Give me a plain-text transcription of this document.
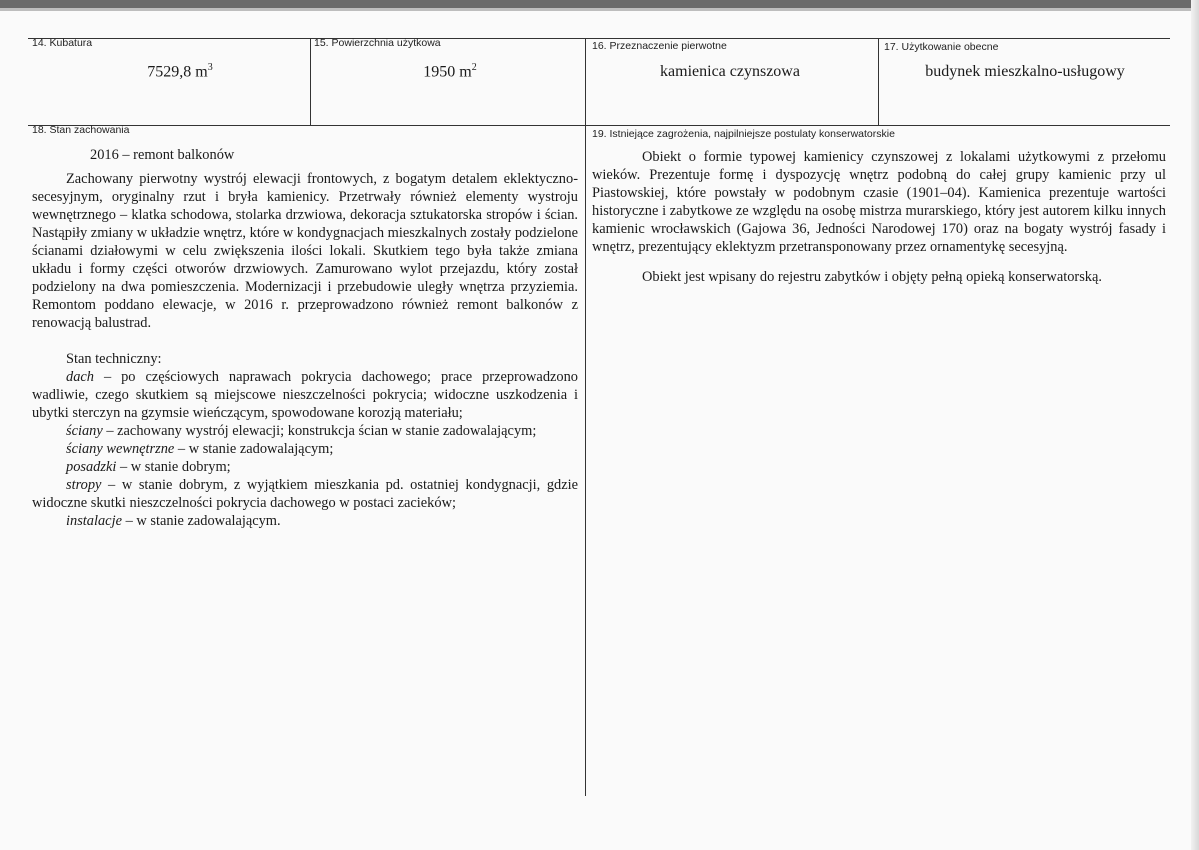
14. Kubatura
7529,8 $m^3$
15. Powierzchnia użytkowa
1950 $m^2$
16. Przeznaczenie pierwotne
kamienica czynszowa
17. Użytkowanie obecne
budynek mieszkalno-usługowy
18. Stan zachowania

2016 – remont balkonów

Zachowany pierwotny wystrój elewacji frontowych, z bogatym detalem eklektyczno-secesyjnym, oryginalny rzut i bryła kamienicy. Przetrwały również elementy wystroju wewnętrznego – klatka schodowa, stolarka drzwiowa, dekoracja sztukatorska stropów i ścian. Nastąpiły zmiany w układzie wnętrz, które w kondygnacjach mieszkalnych zostały podzielone ścianami działowymi w celu zwiększenia ilości lokali. Skutkiem tego była także zmiana układu i formy części otworów drzwiowych. Zamurowano wylot przejazdu, który został podzielony na dwa pomieszczenia. Modernizacji i przebudowie uległy wnętrza przyziemia. Remontom poddano elewacje, w 2016 r. przeprowadzono również remont balkonów z renowacją balustrad.

Stan techniczny:

dach – po częściowych naprawach pokrycia dachowego; prace przeprowadzono wadliwie, czego skutkiem są miejscowe nieszczelności pokrycia; widoczne uszkodzenia i ubytki sterczyn na gzymsie wieńczącym, spowodowane korozją materiału;

ściany – zachowany wystrój elewacji; konstrukcja ścian w stanie zadowalającym;

ściany wewnętrzne – w stanie zadowalającym;

posadzki – w stanie dobrym;

stropy – w stanie dobrym, z wyjątkiem mieszkania pd. ostatniej kondygnacji, gdzie widoczne skutki nieszczelności pokrycia dachowego w postaci zacieków;

instalacje – w stanie zadowalającym.

19. Istniejące zagrożenia, najpilniejsze postulaty konserwatorskie

Obiekt o formie typowej kamienicy czynszowej z lokalami użytkowymi z przełomu wieków. Prezentuje formę i dyspozycję wnętrz podobną do całej grupy kamienic przy ul Piastowskiej, które powstały w podobnym czasie (1901–04). Kamienica prezentuje wartości historyczne i zabytkowe ze względu na osobę mistrza murarskiego, który jest autorem kilku innych kamienic wrocławskich (Gajowa 36, Jedności Narodowej 170) oraz na bogaty wystrój fasady i wnętrz, prezentujący eklektyzm przetransponowany przez ornamentykę secesyjną.

Obiekt jest wpisany do rejestru zabytków i objęty pełną opieką konserwatorską.
